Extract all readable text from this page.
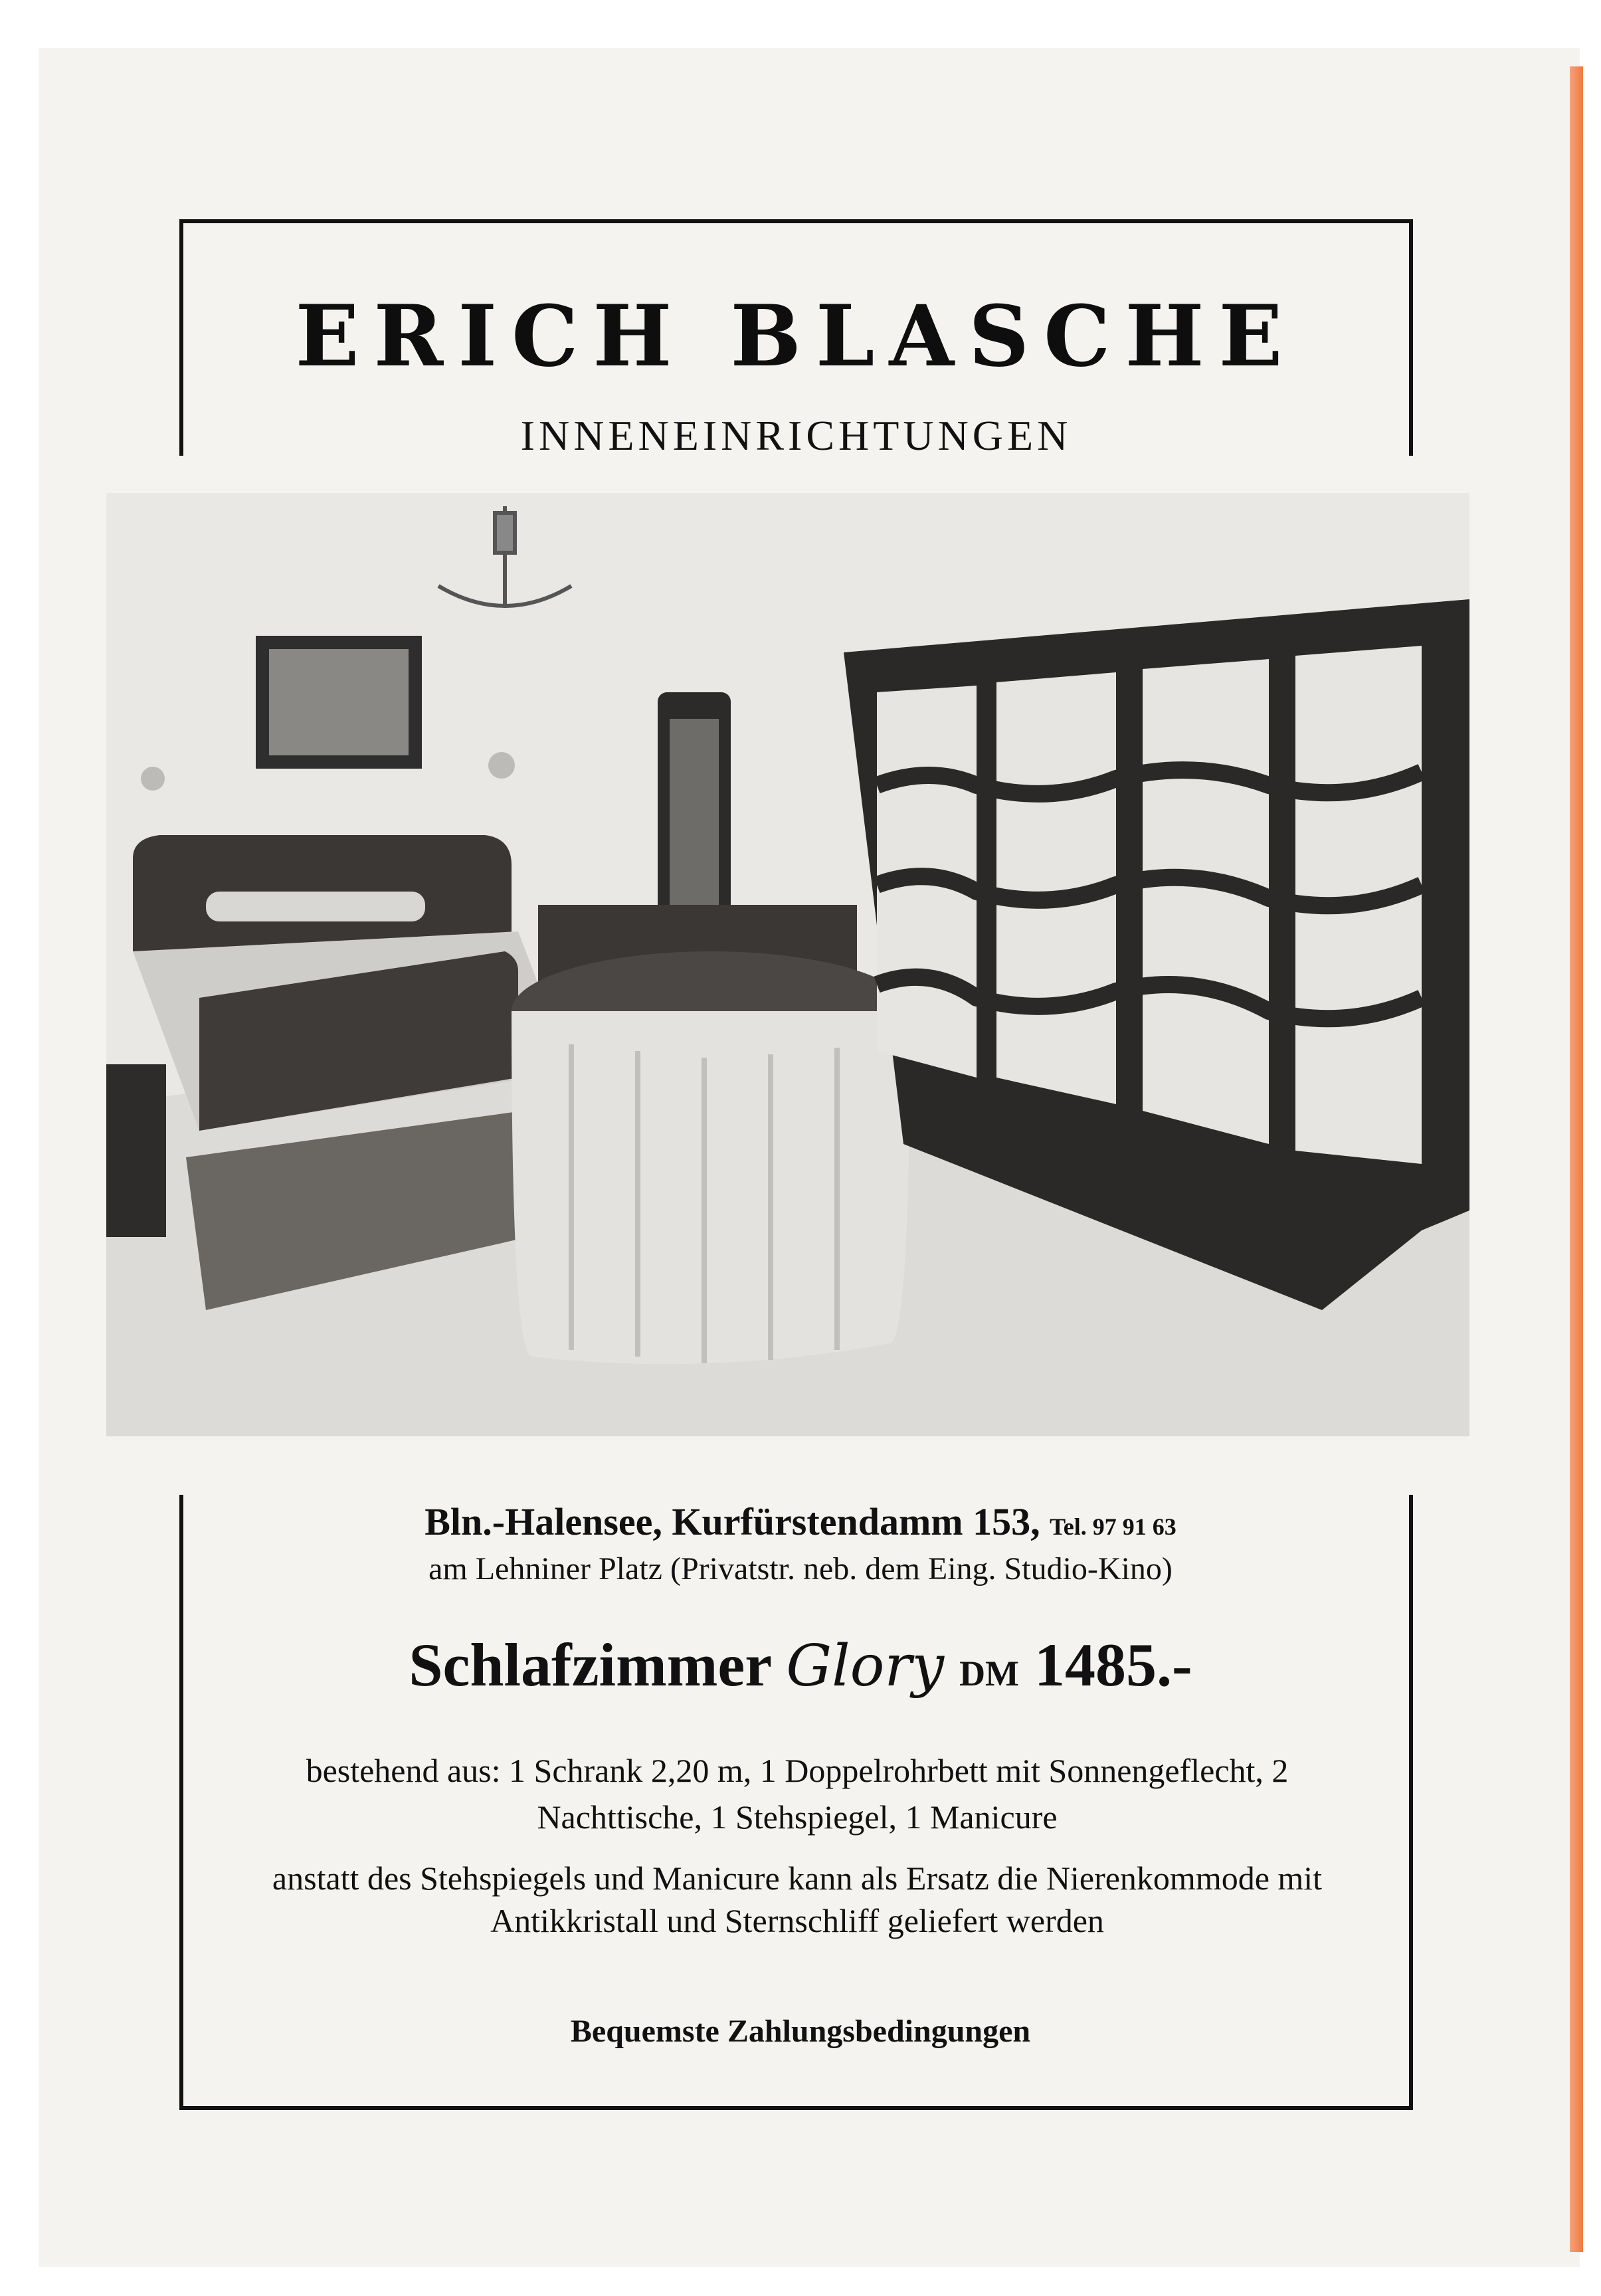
ERICH BLASCHE
INNENEINRICHTUNGEN
Bln.-Halensee, Kurfürstendamm 153, Tel. 97 91 63
am Lehniner Platz (Privatstr. neb. dem Eing. Studio-Kino)
Schlafzimmer Glory DM 1485.-
bestehend aus: 1 Schrank 2,20 m, 1 Doppelrohrbett mit Sonnengeflecht, 2 Nachttische, 1 Stehspiegel, 1 Manicure
anstatt des Stehspiegels und Manicure kann als Ersatz die Nierenkommode mit Antikkristall und Sternschliff geliefert werden
Bequemste Zahlungsbedingungen
